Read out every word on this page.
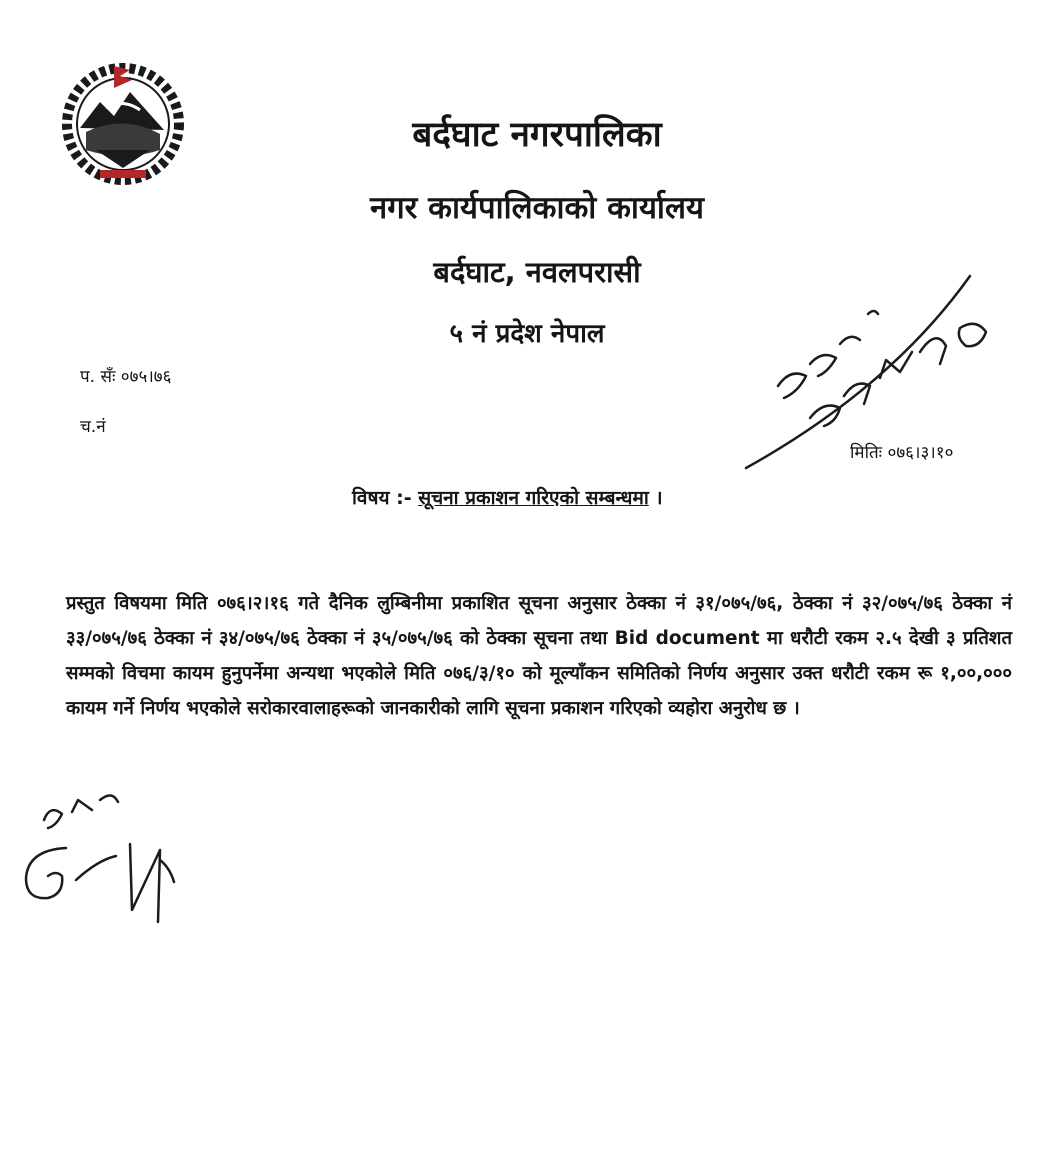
बर्दघाट नगरपालिका
नगर कार्यपालिकाको कार्यालय
बर्दघाट, नवलपरासी
५ नं प्रदेश नेपाल
प. सँः ०७५।७६
च.नं
मितिः ०७६।३।१०
विषय :- सूचना प्रकाशन गरिएको सम्बन्धमा ।
प्रस्तुत विषयमा मिति ०७६।२।१६ गते दैनिक लुम्बिनीमा प्रकाशित सूचना अनुसार ठेक्का नं ३१/०७५/७६, ठेक्का नं ३२/०७५/७६ ठेक्का नं ३३/०७५/७६ ठेक्का नं ३४/०७५/७६ ठेक्का नं ३५/०७५/७६ को ठेक्का सूचना तथा Bid document मा धरौटी रकम २.५ देखी ३ प्रतिशत सम्मको विचमा कायम हुनुपर्नेमा अन्यथा भएकोले मिति ०७६/३/१० को मूल्याँकन समितिको निर्णय अनुसार उक्त धरौटी रकम रू १,००,००० कायम गर्ने निर्णय भएकोले सरोकारवालाहरूको जानकारीको लागि सूचना प्रकाशन गरिएको व्यहोरा अनुरोध छ ।
